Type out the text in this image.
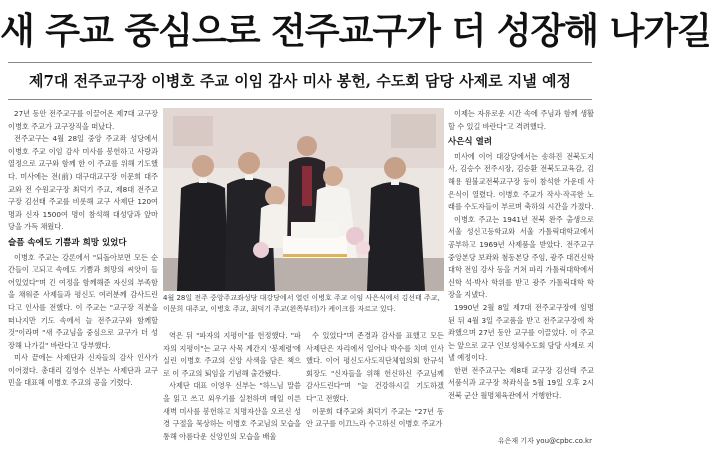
새 주교 중심으로 전주교구가 더 성장해 나가길
제7대 전주교구장 이병호 주교 이임 감사 미사 봉헌, 수도회 담당 사제로 지낼 예정

27년 동안 전주교구를 이끌어온 제7대 교구장 이병호 주교가 교구장직을 떠났다.

전주교구는 4월 28일 중앙 주교좌 성당에서 이병호 주교 이임 감사 미사를 봉헌하고 사랑과 열정으로 교구와 함께 한 이 주교를 위해 기도했다. 미사에는 전(前) 대구대교구장 이문희 대주교와 전 수원교구장 최덕기 주교, 제8대 전주교구장 김선태 주교를 비롯해 교구 사제단 120여 명과 신자 1500여 명이 참석해 대성당과 앞마당을 가득 채웠다.

슬픔 속에도 기쁨과 희망 있었다

이병호 주교는 강론에서 "되돌아보면 모든 순간들이 고되고 속에도 기쁨과 희망의 씨앗이 들어있었다"며 긴 여정을 함께해준 자신의 부족함을 채워준 사제들과 평신도 여러분께 감사드린다고 인사를 전했다. 이 주교는 "교구장 직분을 떠나지만 기도 속에서 늘 전주교구와 함께할 것"이라며 "새 주교님을 중심으로 교구가 더 성장해 나가길" 바란다고 당부했다.

미사 끝에는 사제단과 신자들의 감사 인사가 이어졌다. 총대리 김영수 신부는 사제단과 교구민을 대표해 이병호 주교의 공을 기렸다.

4월 28일 전주 중앙주교좌성당 대강당에서 열린 이병호 주교 이임 사은식에서 김선태 주교, 이문희 대주교, 이병호 주교, 최덕기 주교(왼쪽부터)가 케이크를 자르고 있다.

역은 뒤 "파자의 지평이"를 헌정했다. "파자의 지평이"는 교구 사목 계간지 '봉제령'에 실린 이병호 주교의 신앙 사색을 담은 책으로 이 주교의 퇴임을 기념해 출간됐다.

사제단 대표 이영우 신부는 "하느님 말씀을 읽고 쓰고 외우기를 실천하며 매일 이른 새벽 미사를 봉헌하고 치명자산을 오르신 성경 구절을 묵상하는 이병호 주교님의 모습을 통해 아름다운 신앙인의 모습을 배울

수 있었다"며 존경과 감사를 표했고 모든 사제단은 자리에서 일어나 박수를 치며 인사했다. 이어 평신도사도직단체협의회 한규석 회장도 "신자들을 위해 헌신하신 주교님께 감사드린다"며 "늘 건강하시길 기도하겠다"고 전했다.

이문희 대주교와 최덕기 주교는 "27년 동안 교구를 이끄느라 수고하신 이병호 주교가

이제는 자유로운 시간 속에 주님과 함께 생활할 수 있길 바란다"고 격려했다.

사은식 열려

미사에 이어 대강당에서는 송하진 전북도지사, 김승수 전주시장, 김승환 전북도교육감, 김해용 원불교전북교구장 등이 참석한 가운데 사은식이 열렸다. 이병호 주교가 작사·작곡한 노래를 수도자들이 부르며 축하의 시간을 가졌다.

이병호 주교는 1941년 전북 완주 출생으로 서울 성신고등학교와 서울 가톨릭대학교에서 공부하고 1969년 사제품을 받았다. 전주교구 중앙본당 보좌와 첨동본당 주임, 광주 대건신학대학 전임 강사 등을 거쳐 파리 가톨릭대학에서 신학 석·박사 학위를 받고 광주 가톨릭대학 학장을 지냈다.

1990년 2월 8일 제7대 전주교구장에 임명된 뒤 4월 3일 주교품을 받고 전주교구장에 착좌했으며 27년 동안 교구를 이끌었다. 이 주교는 앞으로 교구 인보성체수도회 담당 사제로 지낼 예정이다.

한편 전주교구는 제8대 교구장 김선태 주교 서품식과 교구장 착좌식을 5월 19일 오후 2시 전북 군산 월명체육관에서 거행한다.

유은재 기자 you@cpbc.co.kr
